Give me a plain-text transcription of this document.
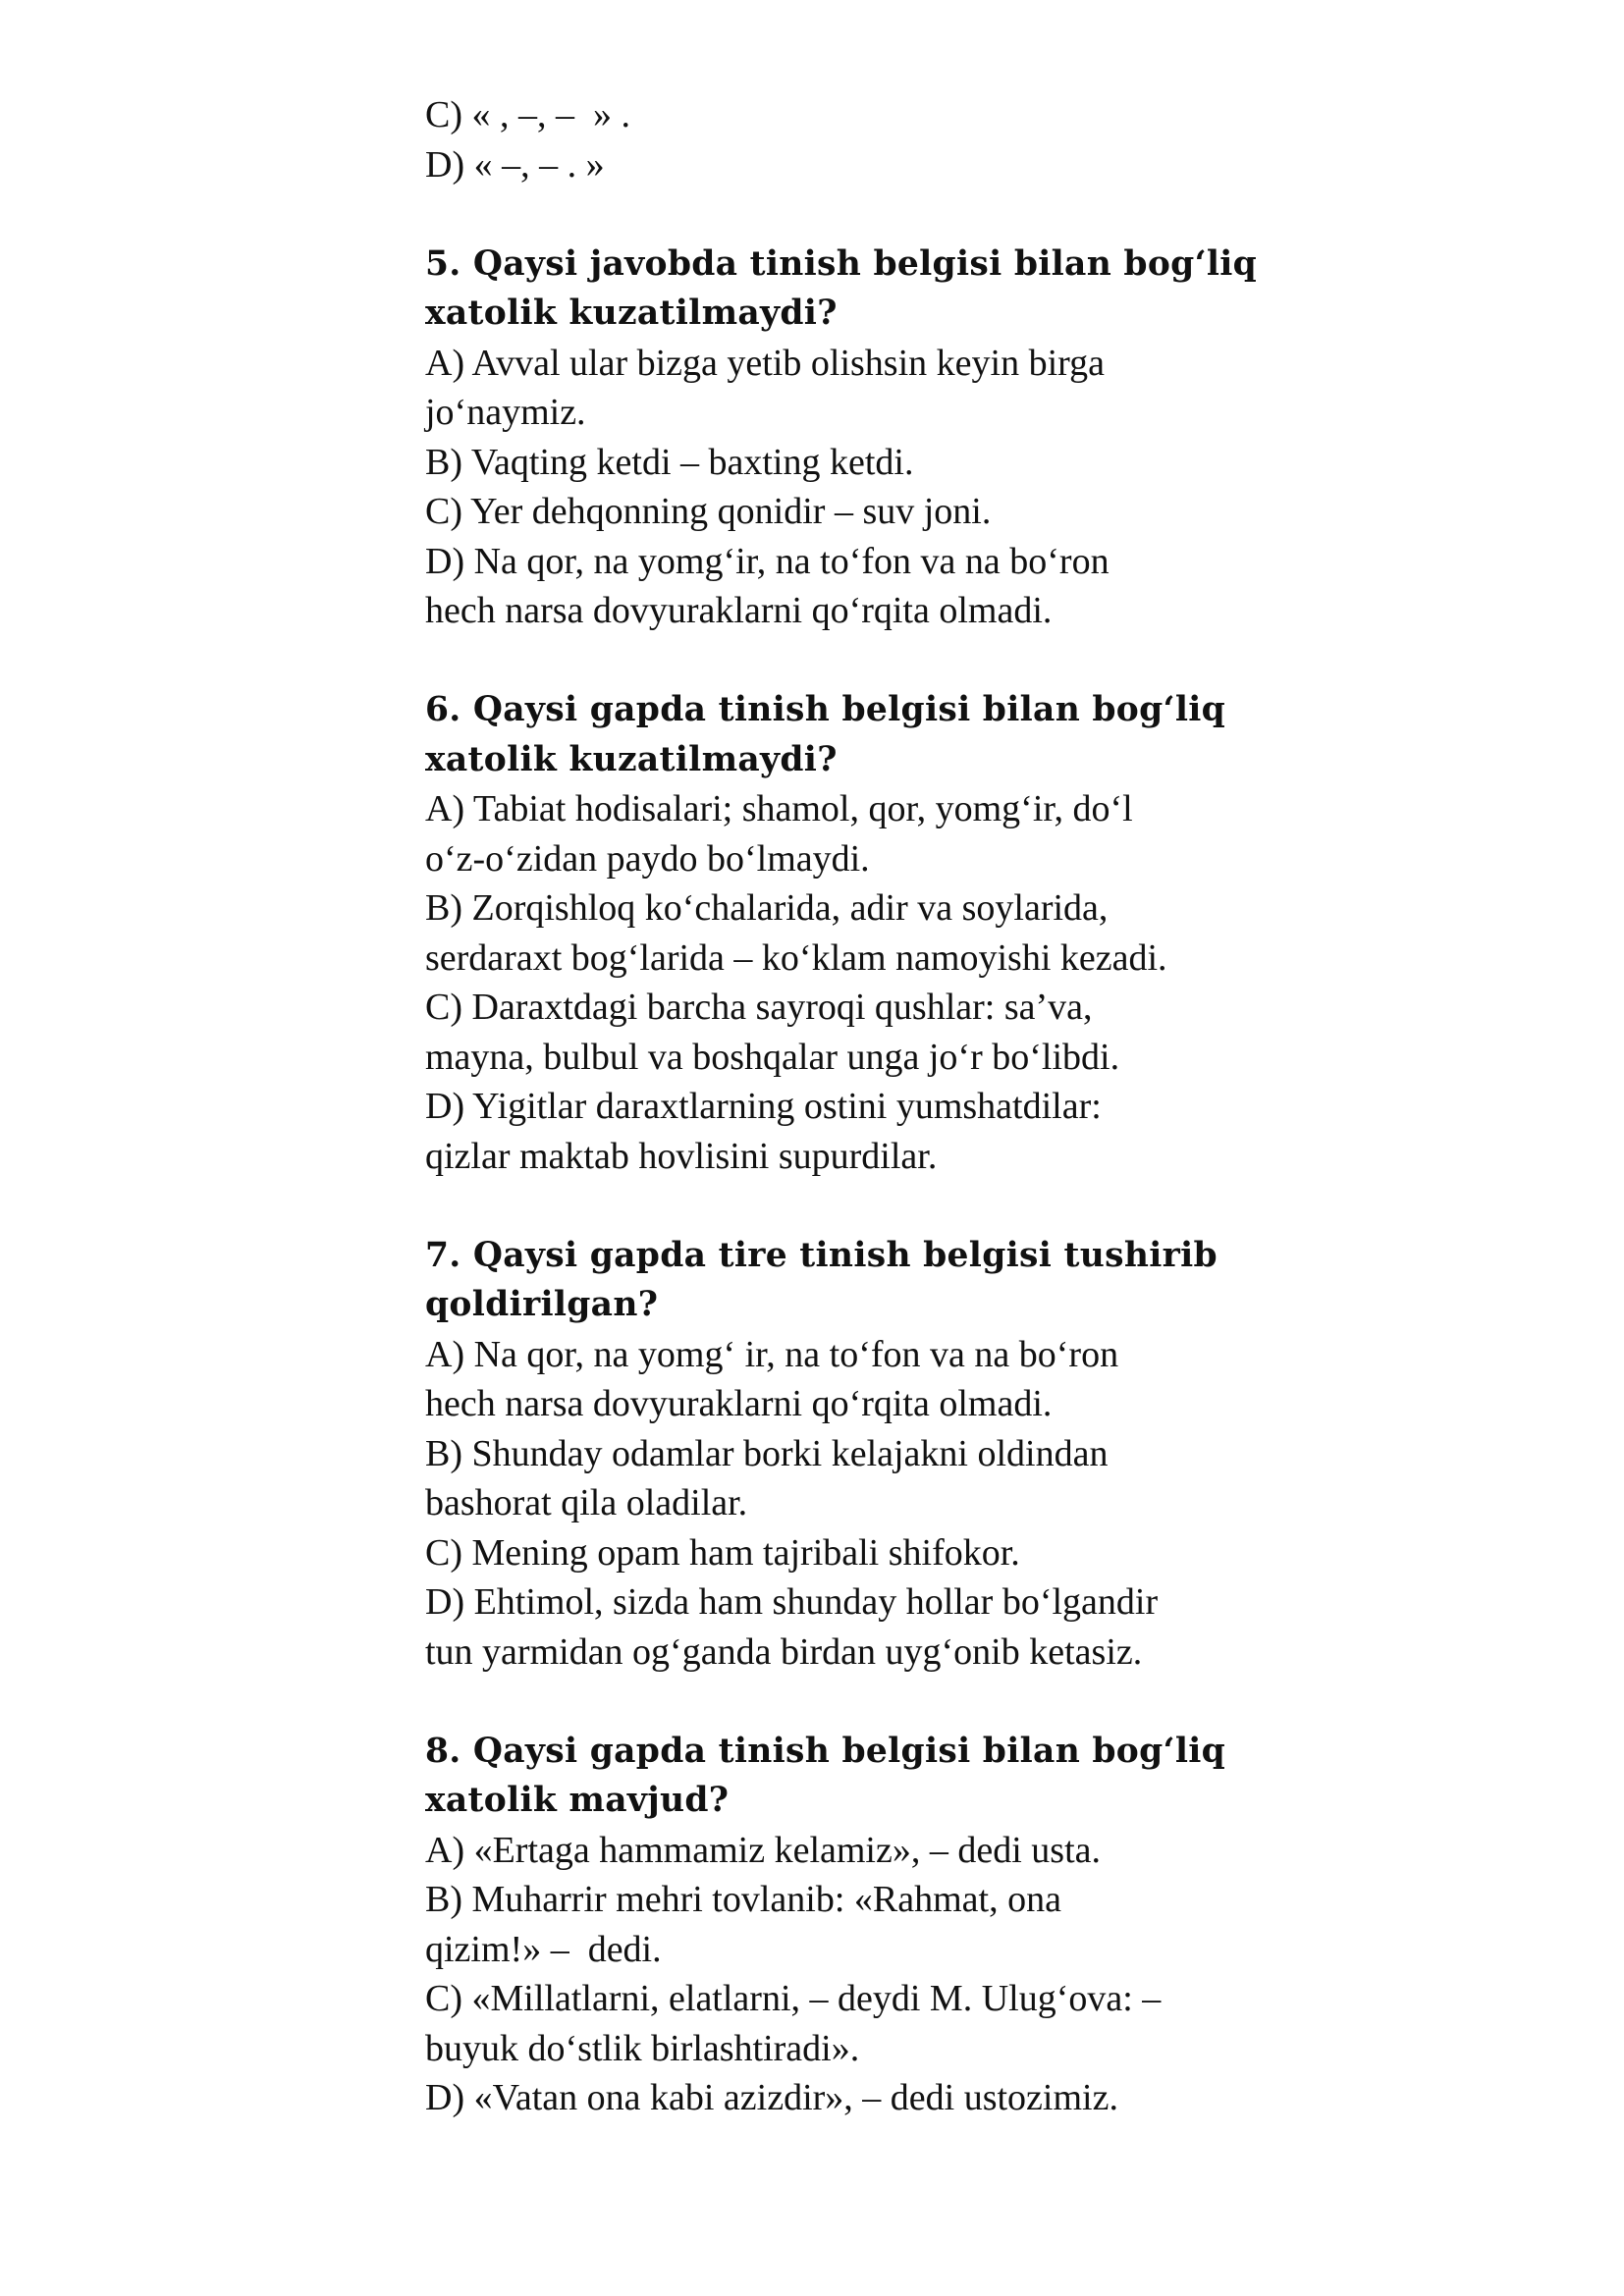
C) « , –, –  » .
D) « –, – . »
5. Qaysi javobda tinish belgisi bilan bog‘liq
xatolik kuzatilmaydi?
A) Avval ular bizga yetib olishsin keyin birga
jo‘naymiz.
B) Vaqting ketdi – baxting ketdi.
C) Yer dehqonning qonidir – suv joni.
D) Na qor, na yomg‘ir, na to‘fon va na bo‘ron
hech narsa dovyuraklarni qo‘rqita olmadi.
6. Qaysi gapda tinish belgisi bilan bog‘liq
xatolik kuzatilmaydi?
A) Tabiat hodisalari; shamol, qor, yomg‘ir, do‘l
o‘z-o‘zidan paydo bo‘lmaydi.
B) Zorqishloq ko‘chalarida, adir va soylarida,
serdaraxt bog‘larida – ko‘klam namoyishi kezadi.
C) Daraxtdagi barcha sayroqi qushlar: sa’va,
mayna, bulbul va boshqalar unga jo‘r bo‘libdi.
D) Yigitlar daraxtlarning ostini yumshatdilar:
qizlar maktab hovlisini supurdilar.
7. Qaysi gapda tire tinish belgisi tushirib
qoldirilgan?
A) Na qor, na yomg‘ ir, na to‘fon va na bo‘ron
hech narsa dovyuraklarni qo‘rqita olmadi.
B) Shunday odamlar borki kelajakni oldindan
bashorat qila oladilar.
C) Mening opam ham tajribali shifokor.
D) Ehtimol, sizda ham shunday hollar bo‘lgandir
tun yarmidan og‘ganda birdan uyg‘onib ketasiz.
8. Qaysi gapda tinish belgisi bilan bog‘liq
xatolik mavjud?
A) «Ertaga hammamiz kelamiz», – dedi usta.
B) Muharrir mehri tovlanib: «Rahmat, ona
qizim!» –  dedi.
C) «Millatlarni, elatlarni, – deydi M. Ulug‘ova: –
buyuk do‘stlik birlashtiradi».
D) «Vatan ona kabi azizdir», – dedi ustozimiz.
